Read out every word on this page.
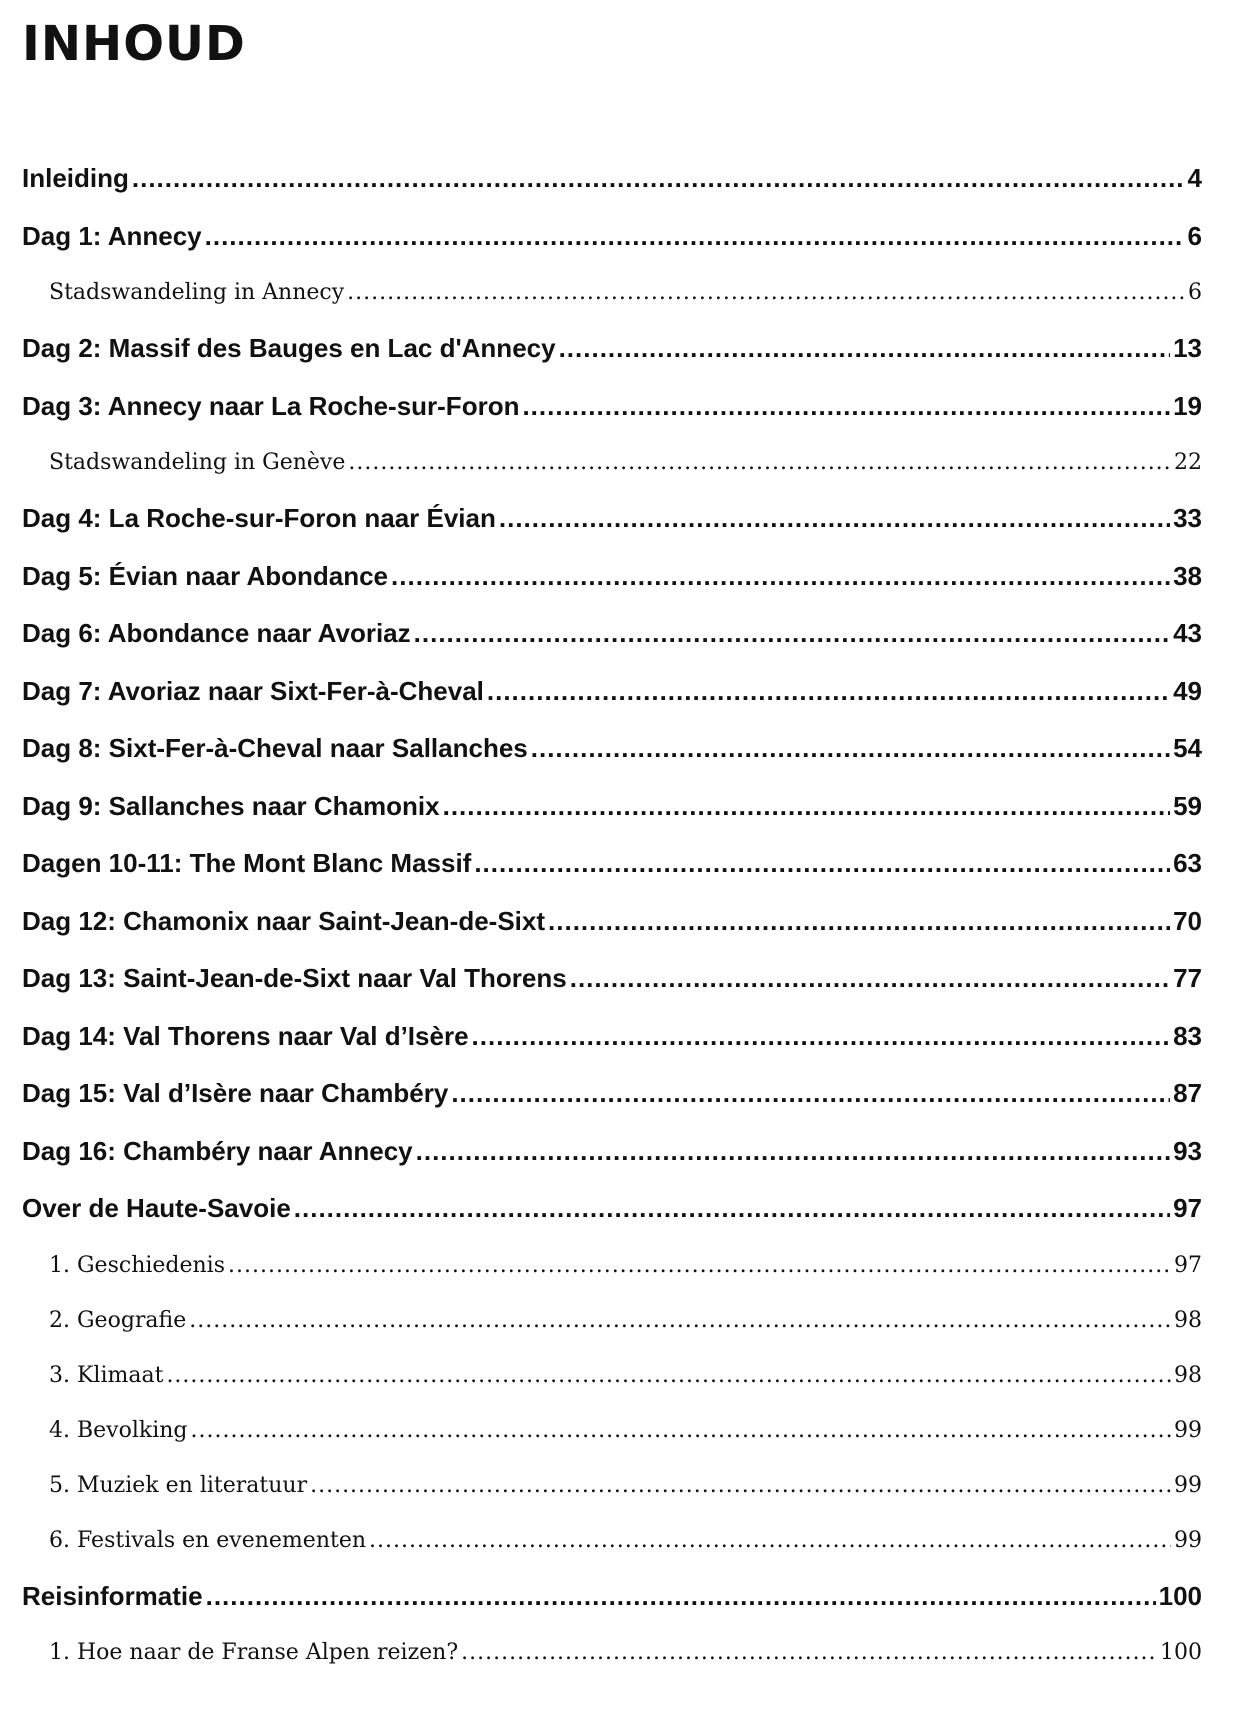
INHOUD
Inleiding .....	4
Dag 1: Annecy .....	6
Stadswandeling in Annecy .....	6
Dag 2: Massif des Bauges en Lac d'Annecy .....	13
Dag 3: Annecy naar La Roche-sur-Foron .....	19
Stadswandeling in Genève .....	22
Dag 4: La Roche-sur-Foron naar Évian .....	33
Dag 5: Évian naar Abondance .....	38
Dag 6: Abondance naar Avoriaz .....	43
Dag 7: Avoriaz naar Sixt-Fer-à-Cheval .....	49
Dag 8: Sixt-Fer-à-Cheval naar Sallanches .....	54
Dag 9: Sallanches naar Chamonix .....	59
Dagen 10-11: The Mont Blanc Massif .....	63
Dag 12: Chamonix naar Saint-Jean-de-Sixt .....	70
Dag 13: Saint-Jean-de-Sixt naar Val Thorens .....	77
Dag 14: Val Thorens naar Val d’Isère .....	83
Dag 15: Val d’Isère naar Chambéry .....	87
Dag 16: Chambéry naar Annecy .....	93
Over de Haute-Savoie .....	97
1. Geschiedenis .....	97
2. Geografie .....	98
3. Klimaat .....	98
4. Bevolking .....	99
5. Muziek en literatuur .....	99
6. Festivals en evenementen .....	99
Reisinformatie .....	100
1. Hoe naar de Franse Alpen reizen? .....	100
